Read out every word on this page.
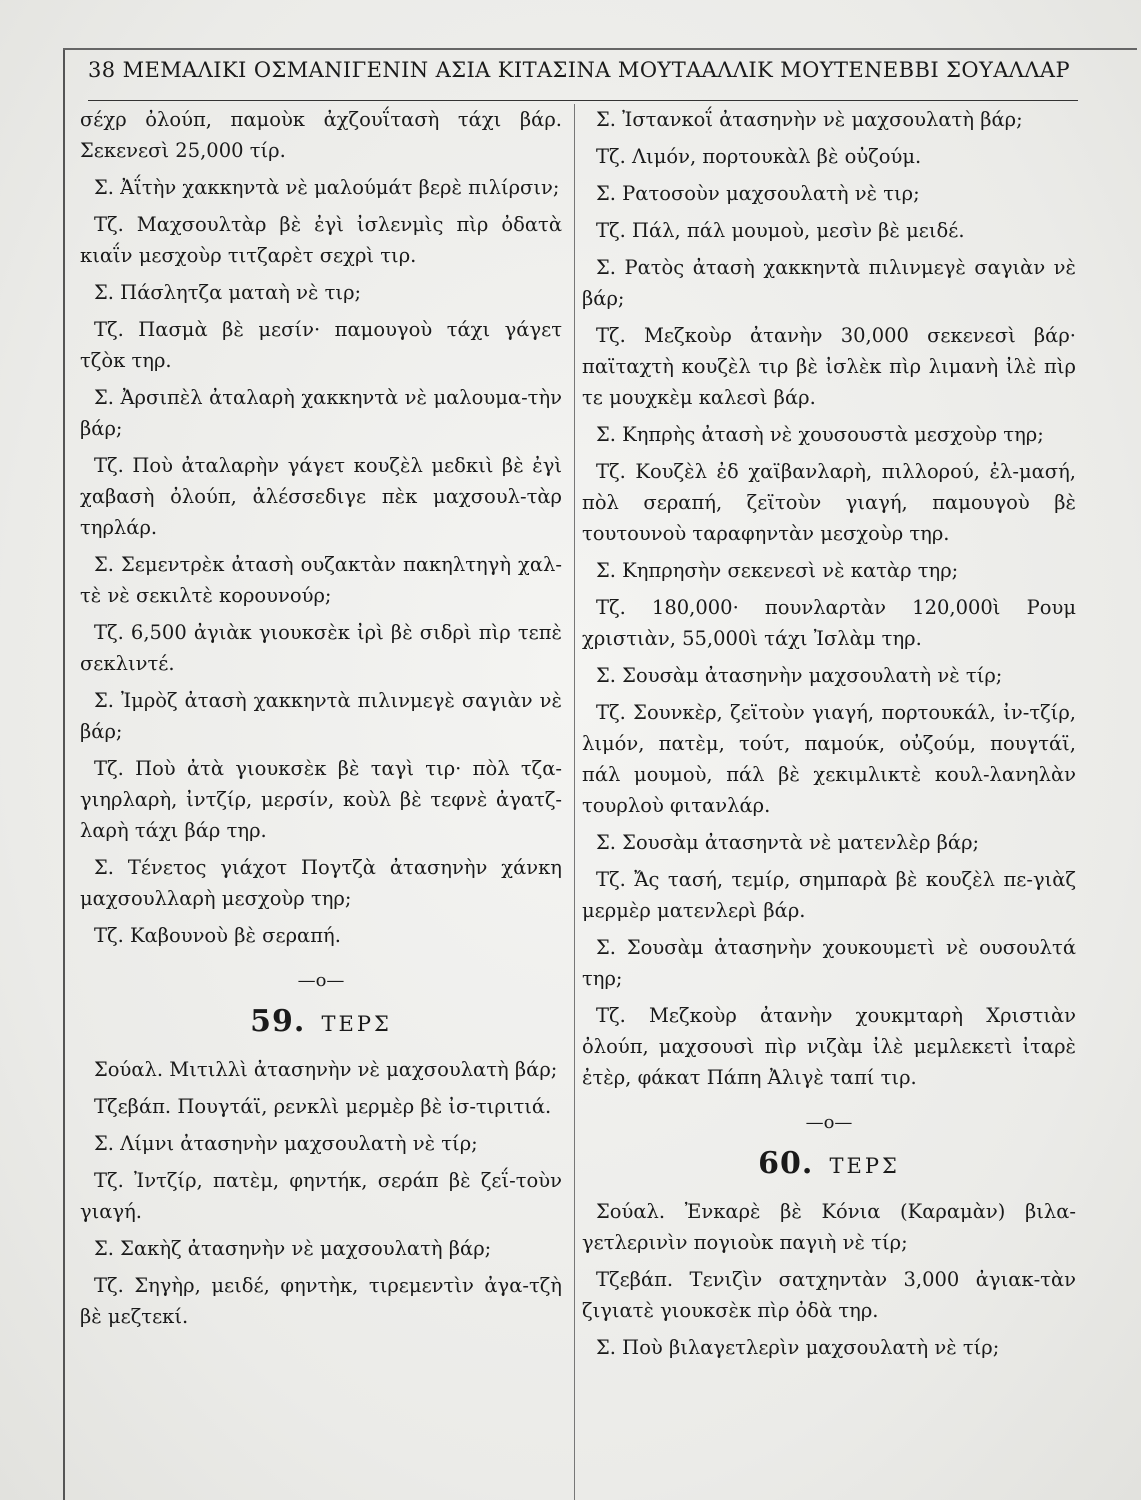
38 ΜΕΜΑΛΙΚΙ ΟΣΜΑΝΙΓΕΝΙΝ ΑΣΙΑ ΚΙΤΑΣΙΝΑ ΜΟΥΤΑΑΛΛΙΚ ΜΟΥΤΕΝΕΒΒΙ ΣΟΥΑΛΛΑΡ

σέχρ ὀλούπ, παμοὺκ ἀχζουΐτασὴ τάχι βάρ. Σεκενεσὶ 25,000 τίρ.

Σ. Ἀΐτὴν χακκηντὰ νὲ μαλούμάτ βερὲ πιλίρσιν;

Τζ. Μαχσουλτὰρ βὲ ἐγὶ ἰσλενμὶς πὶρ ὀδατὰ κιαΐν μεσχοὺρ τιτζαρὲτ σεχρὶ τιρ.

Σ. Πάσλητζα ματαὴ νὲ τιρ;

Τζ. Πασμὰ βὲ μεσίν· παμουγοὺ τάχι γάγετ τζὸκ τηρ.

Σ. Ἀρσιπὲλ ἀταλαρὴ χακκηντὰ νὲ μαλουμα-τὴν βάρ;

Τζ. Ποὺ ἀταλαρὴν γάγετ κουζὲλ μεδκιὶ βὲ ἐγὶ χαβασὴ ὀλούπ, ἀλέσσεδιγε πὲκ μαχσουλ-τὰρ τηρλάρ.

Σ. Σεμεντρὲκ ἀτασὴ ουζακτὰν πακηλτηγὴ χαλ-τὲ νὲ σεκιλτὲ κορουνούρ;

Τζ. 6,500 ἀγιὰκ γιουκσὲκ ἰρὶ βὲ σιδρὶ πὶρ τεπὲ σεκλιντέ.

Σ. Ἰμρὸζ ἀτασὴ χακκηντὰ πιλινμεγὲ σαγιὰν νὲ βάρ;

Τζ. Ποὺ ἀτὰ γιουκσὲκ βὲ ταγὶ τιρ· πὸλ τζα-γιηρλαρὴ, ἰντζίρ, μερσίν, κοὺλ βὲ τεφνὲ ἀγατζ-λαρὴ τάχι βάρ τηρ.

Σ. Τένετος γιάχοτ Πογτζὰ ἀτασηνὴν χάνκη μαχσουλλαρὴ μεσχοὺρ τηρ;

Τζ. Καβουνοὺ βὲ σεραπή.

—o—
59. ΤΕΡΣ

Σούαλ. Μιτιλλὶ ἀτασηνὴν νὲ μαχσουλατὴ βάρ;

Τζεβάπ. Πουγτάϊ, ρενκλὶ μερμὲρ βὲ ἰσ-τιριτιά.

Σ. Λίμνι ἀτασηνὴν μαχσουλατὴ νὲ τίρ;

Τζ. Ἰντζίρ, πατὲμ, φηντήκ, σεράπ βὲ ζεΐ-τοὺν γιαγή.

Σ. Σακὴζ ἀτασηνὴν νὲ μαχσουλατὴ βάρ;

Τζ. Σηγὴρ, μειδέ, φηντὴκ, τιρεμεντὶν ἀγα-τζὴ βὲ μεζτεκί.

Σ. Ἰστανκοΐ ἀτασηνὴν νὲ μαχσουλατὴ βάρ;

Τζ. Λιμόν, πορτουκὰλ βὲ οὐζούμ.

Σ. Ρατοσοὺν μαχσουλατὴ νὲ τιρ;

Τζ. Πάλ, πάλ μουμοὺ, μεσὶν βὲ μειδέ.

Σ. Ρατὸς ἀτασὴ χακκηντὰ πιλινμεγὲ σαγιὰν νὲ βάρ;

Τζ. Μεζκοὺρ ἀτανὴν 30,000 σεκενεσὶ βάρ· παϊταχτὴ κουζὲλ τιρ βὲ ἰσλὲκ πὶρ λιμανὴ ἰλὲ πὶρ τε μουχκὲμ καλεσὶ βάρ.

Σ. Κηπρὴς ἀτασὴ νὲ χουσουστὰ μεσχοὺρ τηρ;

Τζ. Κουζὲλ ἐδ χαϊβανλαρὴ, πιλλορού, ἐλ-μασή, πὸλ σεραπή, ζεϊτοὺν γιαγή, παμουγοὺ βὲ τουτουνοὺ ταραφηντὰν μεσχοὺρ τηρ.

Σ. Κηπρησὴν σεκενεσὶ νὲ κατὰρ τηρ;

Τζ. 180,000· πουνλαρτὰν 120,000ὶ Ρουμ χριστιὰν, 55,000ὶ τάχι Ἰσλὰμ τηρ.

Σ. Σουσὰμ ἀτασηνὴν μαχσουλατὴ νὲ τίρ;

Τζ. Σουνκὲρ, ζεϊτοὺν γιαγή, πορτουκάλ, ἰν-τζίρ, λιμόν, πατὲμ, τούτ, παμούκ, οὐζούμ, πουγτάϊ, πάλ μουμοὺ, πάλ βὲ χεκιμλικτὲ κουλ-λανηλὰν τουρλοὺ φιτανλάρ.

Σ. Σουσὰμ ἀτασηντὰ νὲ ματενλὲρ βάρ;

Τζ. Ἄς τασή, τεμίρ, σημπαρὰ βὲ κουζὲλ πε-γιὰζ μερμὲρ ματενλερὶ βάρ.

Σ. Σουσὰμ ἀτασηνὴν χουκουμετὶ νὲ ουσουλτά τηρ;

Τζ. Μεζκοὺρ ἀτανὴν χουκμταρὴ Χριστιὰν ὀλούπ, μαχσουσὶ πὶρ νιζὰμ ἰλὲ μεμλεκετὶ ἰταρὲ ἐτὲρ, φάκατ Πάπη Ἀλιγὲ ταπί τιρ.

—o—
60. ΤΕΡΣ

Σούαλ. Ἐνκαρὲ βὲ Κόνια (Καραμὰν) βιλα-γετλερινὶν πογιοὺκ παγιὴ νὲ τίρ;

Τζεβάπ. Τενιζὶν σατχηντὰν 3,000 ἀγιακ-τὰν ζιγιατὲ γιουκσὲκ πὶρ ὀδὰ τηρ.

Σ. Ποὺ βιλαγετλερὶν μαχσουλατὴ νὲ τίρ;
